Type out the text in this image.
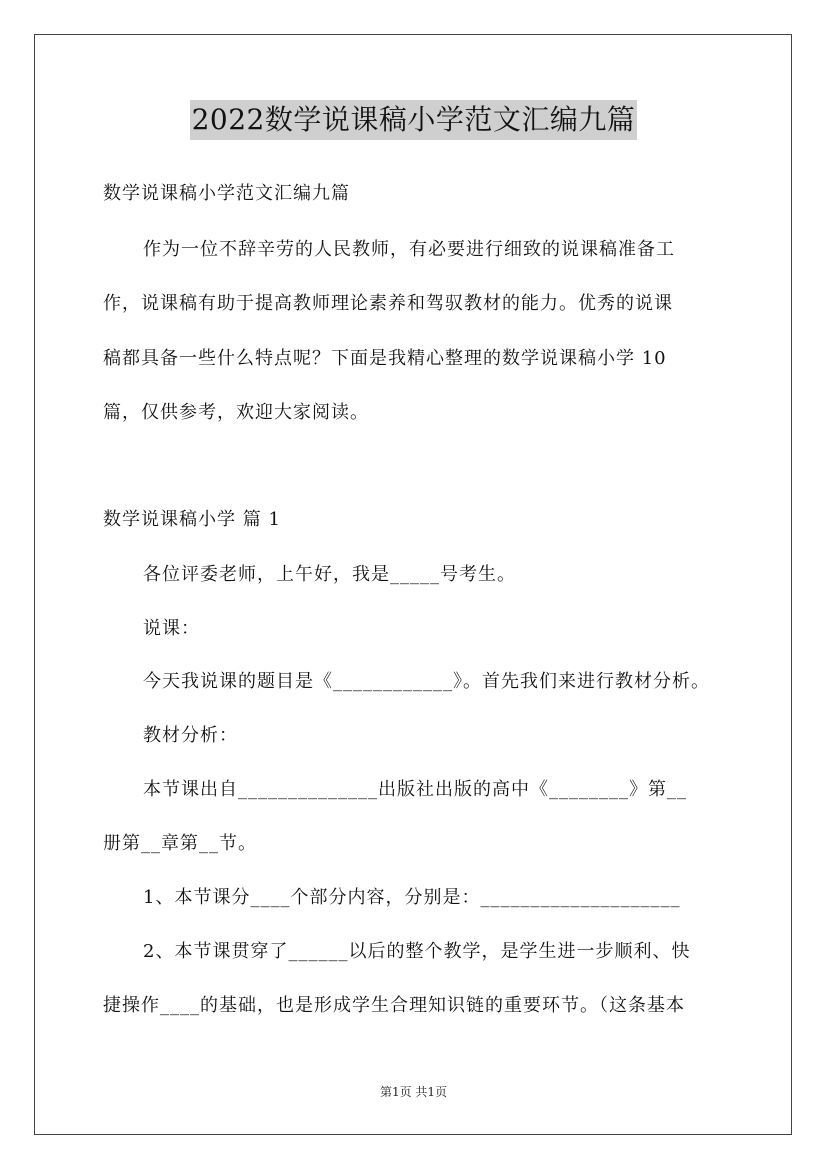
2022数学说课稿小学范文汇编九篇
数学说课稿小学范文汇编九篇
作为一位不辞辛劳的人民教师，有必要进行细致的说课稿准备工
作，说课稿有助于提高教师理论素养和驾驭教材的能力。优秀的说课
稿都具备一些什么特点呢？下面是我精心整理的数学说课稿小学 10
篇，仅供参考，欢迎大家阅读。
数学说课稿小学 篇 1
各位评委老师，上午好，我是_____号考生。
说课：
今天我说课的题目是《____________》。首先我们来进行教材分析。
教材分析：
本节课出自______________出版社出版的高中《________》第__
册第__章第__节。
1、本节课分____个部分内容，分别是：____________________
2、本节课贯穿了______以后的整个教学，是学生进一步顺利、快
捷操作____的基础，也是形成学生合理知识链的重要环节。（这条基本
第1页 共1页
